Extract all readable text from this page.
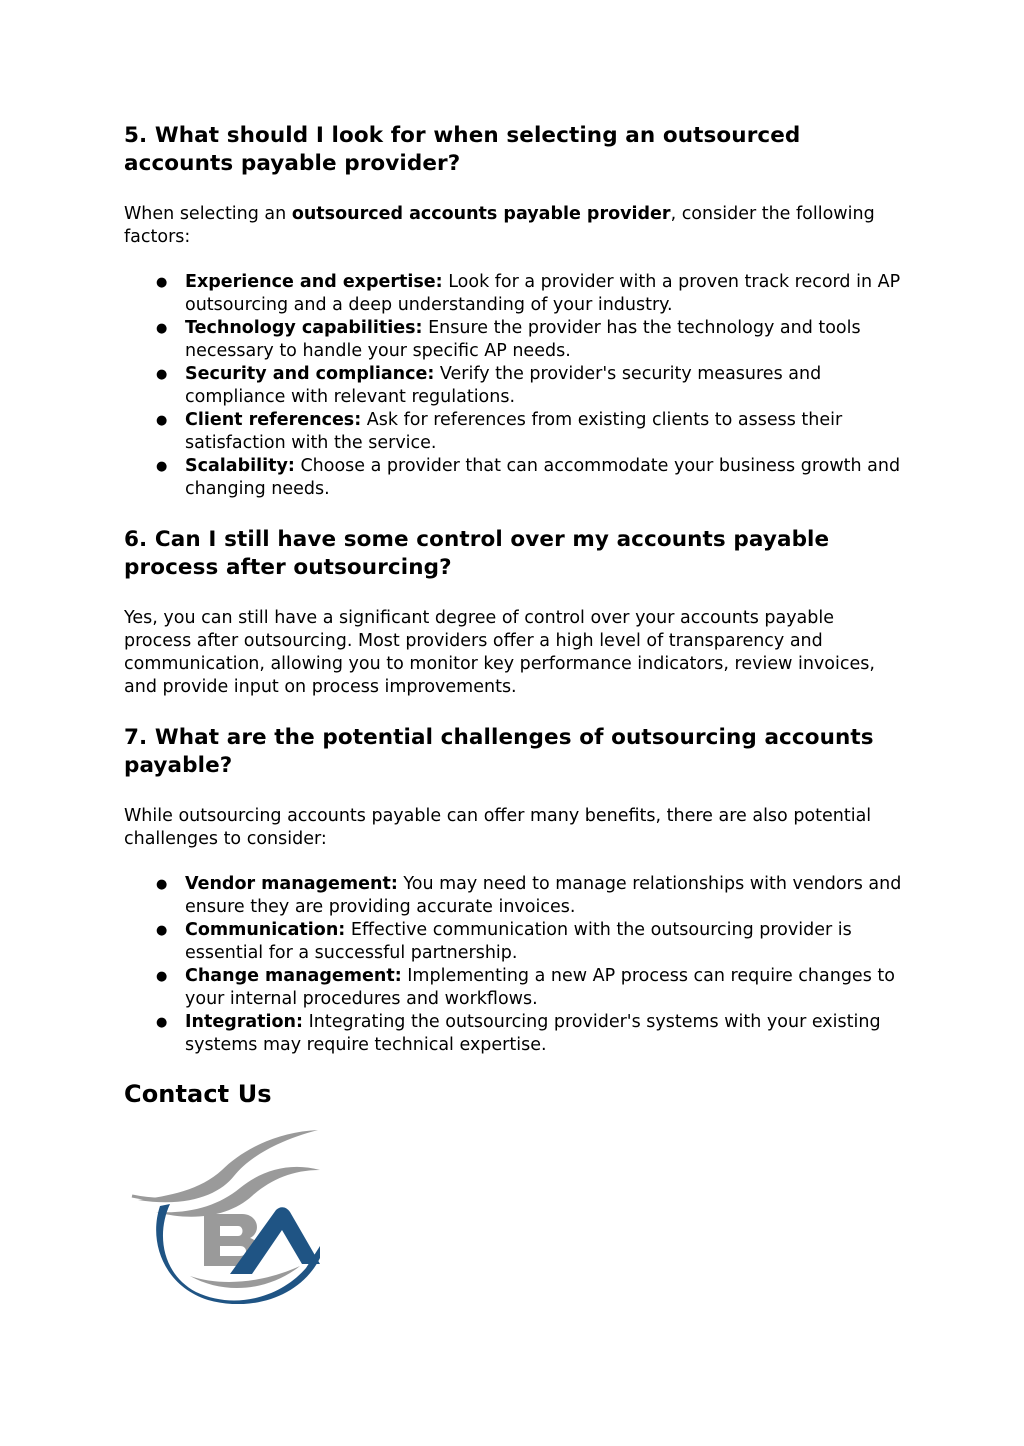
5. What should I look for when selecting an outsourced accounts payable provider?

When selecting an outsourced accounts payable provider, consider the following factors:

● Experience and expertise: Look for a provider with a proven track record in AP outsourcing and a deep understanding of your industry.
● Technology capabilities: Ensure the provider has the technology and tools necessary to handle your specific AP needs.
● Security and compliance: Verify the provider's security measures and compliance with relevant regulations.
● Client references: Ask for references from existing clients to assess their satisfaction with the service.
● Scalability: Choose a provider that can accommodate your business growth and changing needs.
6. Can I still have some control over my accounts payable process after outsourcing?

Yes, you can still have a significant degree of control over your accounts payable process after outsourcing. Most providers offer a high level of transparency and communication, allowing you to monitor key performance indicators, review invoices, and provide input on process improvements.

7. What are the potential challenges of outsourcing accounts payable?

While outsourcing accounts payable can offer many benefits, there are also potential challenges to consider:

● Vendor management: You may need to manage relationships with vendors and ensure they are providing accurate invoices.
● Communication: Effective communication with the outsourcing provider is essential for a successful partnership.
● Change management: Implementing a new AP process can require changes to your internal procedures and workflows.
● Integration: Integrating the outsourcing provider's systems with your existing systems may require technical expertise.
Contact Us
